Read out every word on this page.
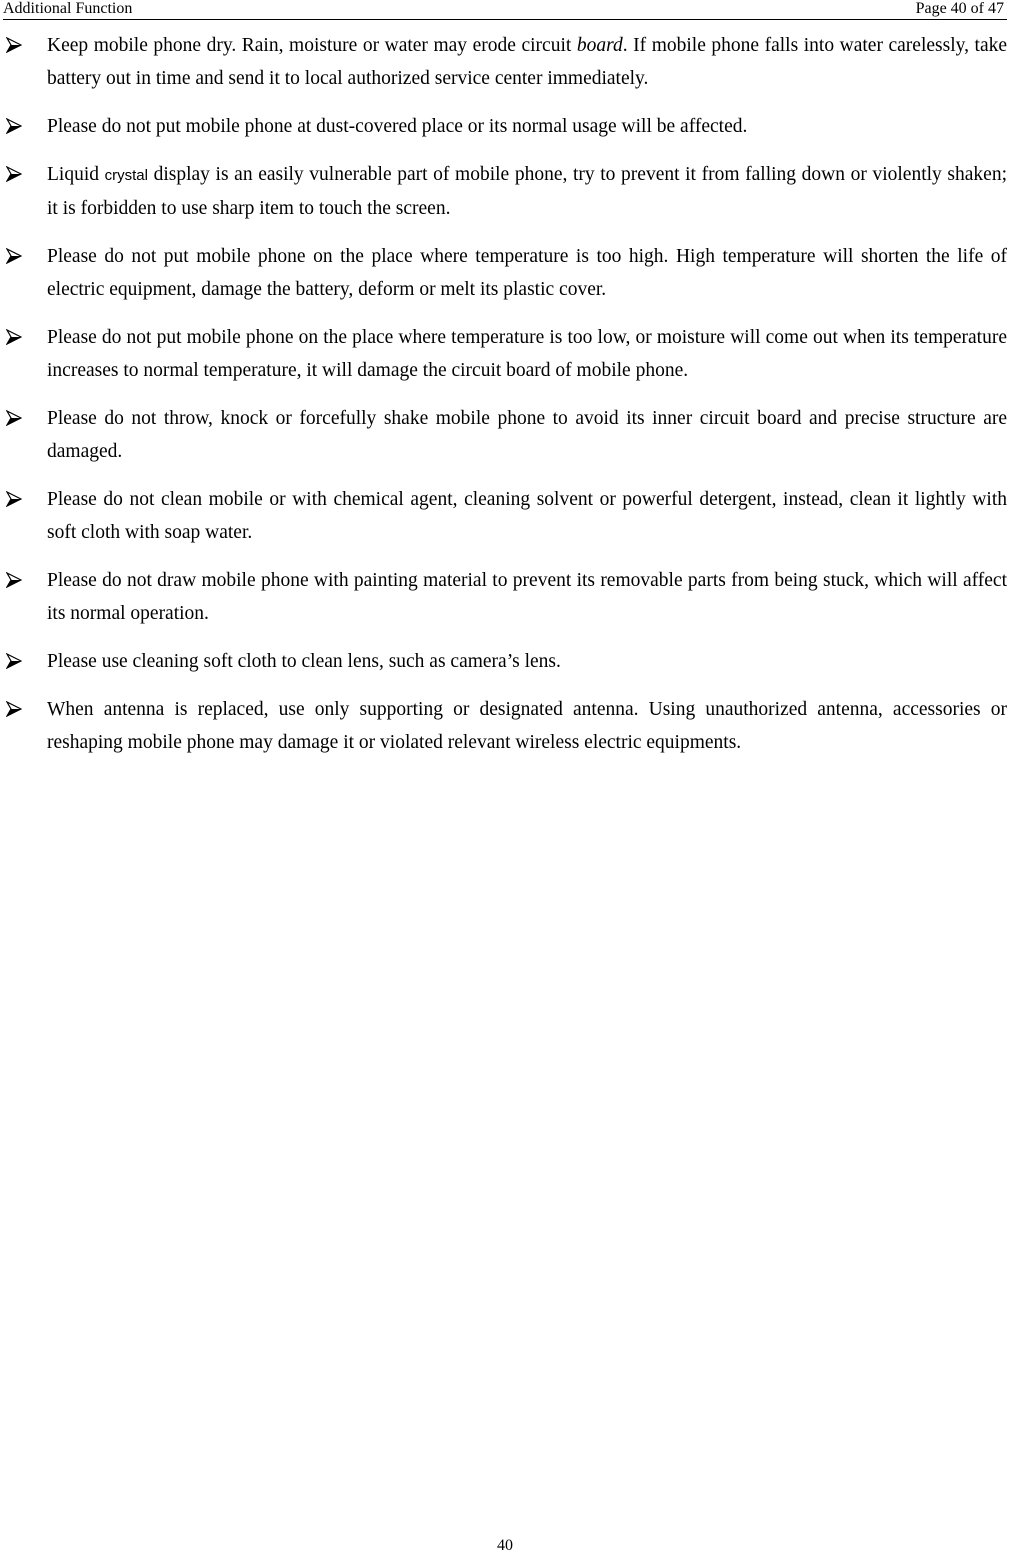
Additional Function	Page 40 of 47
Keep mobile phone dry. Rain, moisture or water may erode circuit board. If mobile phone falls into water carelessly, take battery out in time and send it to local authorized service center immediately.
Please do not put mobile phone at dust-covered place or its normal usage will be affected.
Liquid crystal display is an easily vulnerable part of mobile phone, try to prevent it from falling down or violently shaken; it is forbidden to use sharp item to touch the screen.
Please do not put mobile phone on the place where temperature is too high. High temperature will shorten the life of electric equipment, damage the battery, deform or melt its plastic cover.
Please do not put mobile phone on the place where temperature is too low, or moisture will come out when its temperature increases to normal temperature, it will damage the circuit board of mobile phone.
Please do not throw, knock or forcefully shake mobile phone to avoid its inner circuit board and precise structure are damaged.
Please do not clean mobile or with chemical agent, cleaning solvent or powerful detergent, instead, clean it lightly with soft cloth with soap water.
Please do not draw mobile phone with painting material to prevent its removable parts from being stuck, which will affect its normal operation.
Please use cleaning soft cloth to clean lens, such as camera’s lens.
When antenna is replaced, use only supporting or designated antenna. Using unauthorized antenna, accessories or reshaping mobile phone may damage it or violated relevant wireless electric equipments.
40
